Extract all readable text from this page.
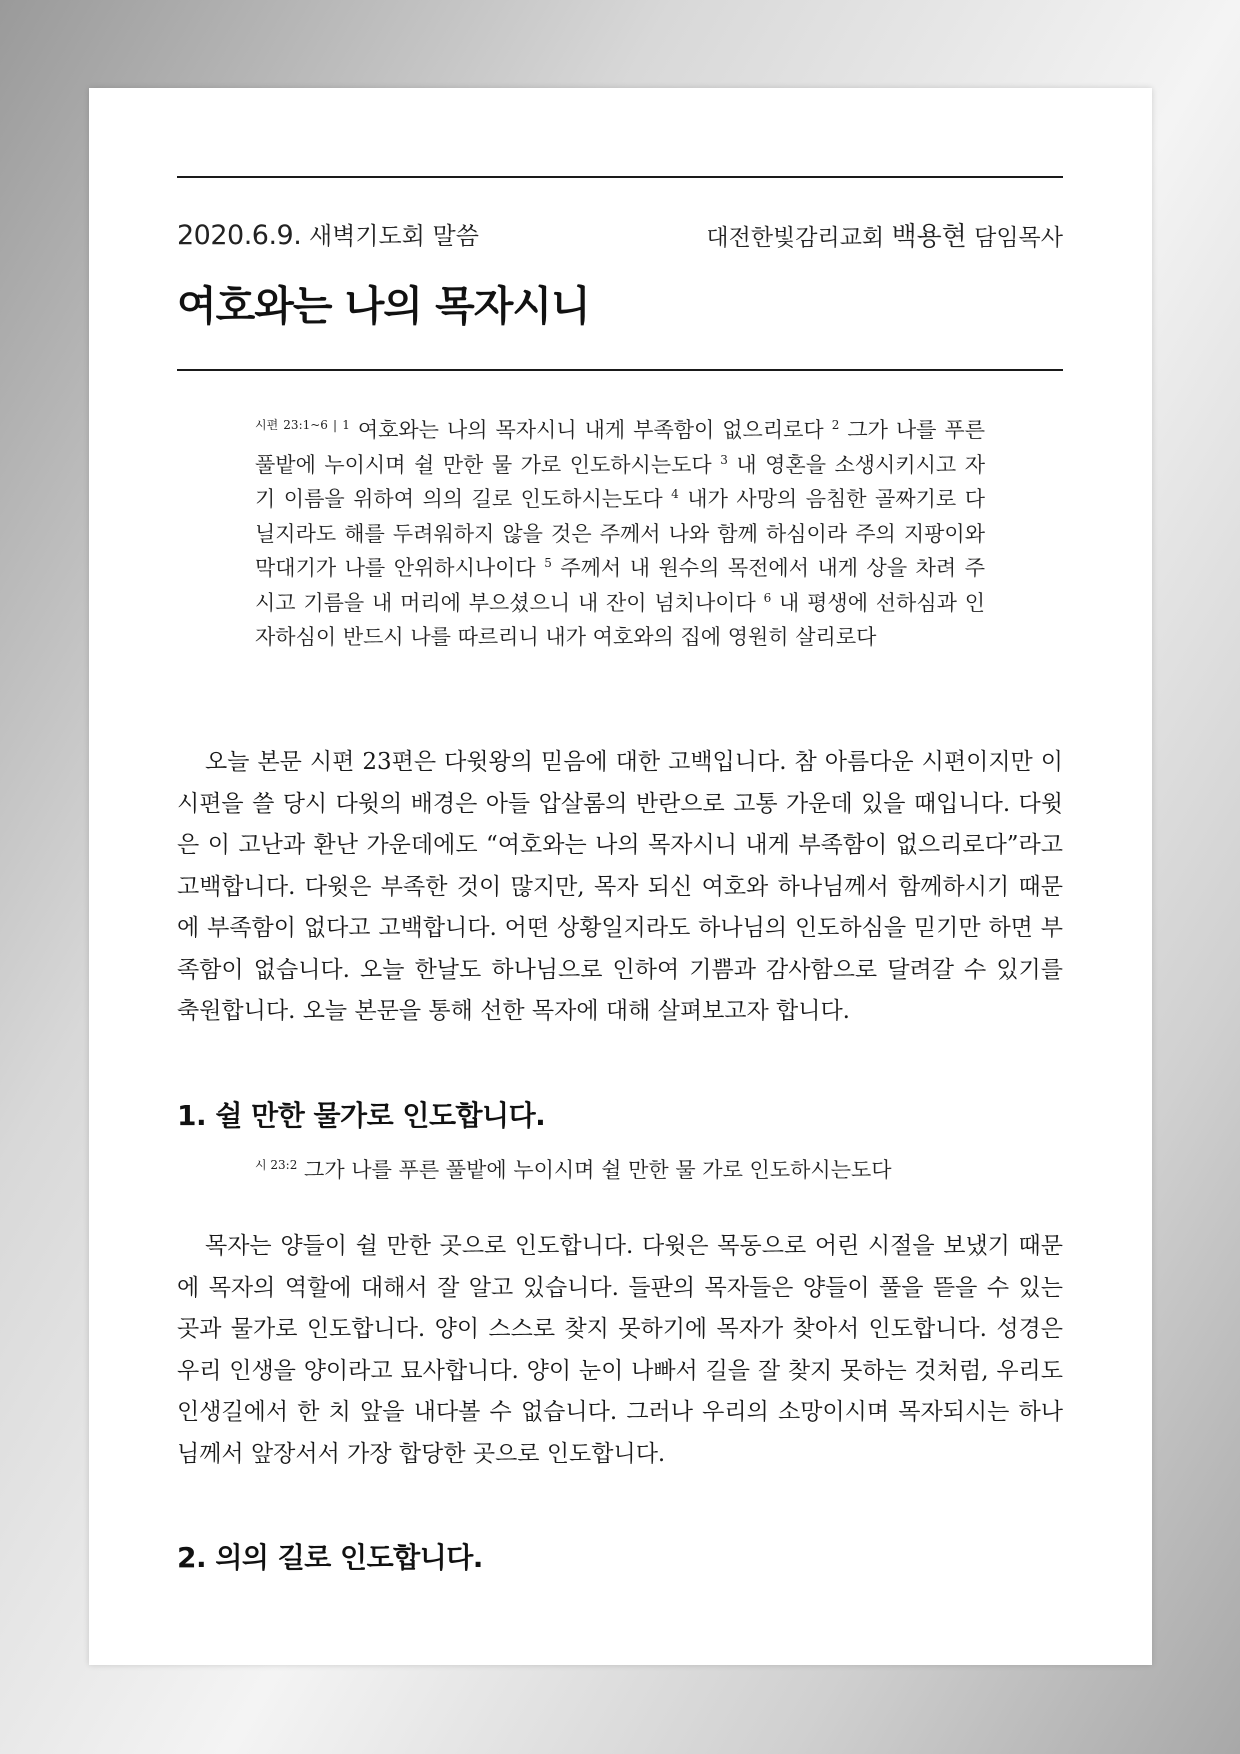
2020.6.9. 새벽기도회 말씀	대전한빛감리교회 백용현 담임목사
여호와는 나의 목자시니

$^{시편 23:1\sim 6 | 1}$ 여호와는 나의 목자시니 내게 부족함이 없으리로다 $^2$ 그가 나를 푸른 풀밭에 누이시며 쉴 만한 물 가로 인도하시는도다 $^3$ 내 영혼을 소생시키시고 자기 이름을 위하여 의의 길로 인도하시는도다 $^4$ 내가 사망의 음침한 골짜기로 다닐지라도 해를 두려워하지 않을 것은 주께서 나와 함께 하심이라 주의 지팡이와 막대기가 나를 안위하시나이다 $^5$ 주께서 내 원수의 목전에서 내게 상을 차려 주시고 기름을 내 머리에 부으셨으니 내 잔이 넘치나이다 $^6$ 내 평생에 선하심과 인자하심이 반드시 나를 따르리니 내가 여호와의 집에 영원히 살리로다

오늘 본문 시편 23편은 다윗왕의 믿음에 대한 고백입니다. 참 아름다운 시편이지만 이 시편을 쓸 당시 다윗의 배경은 아들 압살롬의 반란으로 고통 가운데 있을 때입니다. 다윗은 이 고난과 환난 가운데에도 “여호와는 나의 목자시니 내게 부족함이 없으리로다”라고 고백합니다. 다윗은 부족한 것이 많지만, 목자 되신 여호와 하나님께서 함께하시기 때문에 부족함이 없다고 고백합니다. 어떤 상황일지라도 하나님의 인도하심을 믿기만 하면 부족함이 없습니다. 오늘 한날도 하나님으로 인하여 기쁨과 감사함으로 달려갈 수 있기를 축원합니다. 오늘 본문을 통해 선한 목자에 대해 살펴보고자 합니다.

1. 쉴 만한 물가로 인도합니다.

$^{시 23:2}$ 그가 나를 푸른 풀밭에 누이시며 쉴 만한 물 가로 인도하시는도다

목자는 양들이 쉴 만한 곳으로 인도합니다. 다윗은 목동으로 어린 시절을 보냈기 때문에 목자의 역할에 대해서 잘 알고 있습니다. 들판의 목자들은 양들이 풀을 뜯을 수 있는 곳과 물가로 인도합니다. 양이 스스로 찾지 못하기에 목자가 찾아서 인도합니다. 성경은 우리 인생을 양이라고 묘사합니다. 양이 눈이 나빠서 길을 잘 찾지 못하는 것처럼, 우리도 인생길에서 한 치 앞을 내다볼 수 없습니다. 그러나 우리의 소망이시며 목자되시는 하나님께서 앞장서서 가장 합당한 곳으로 인도합니다.

2. 의의 길로 인도합니다.
